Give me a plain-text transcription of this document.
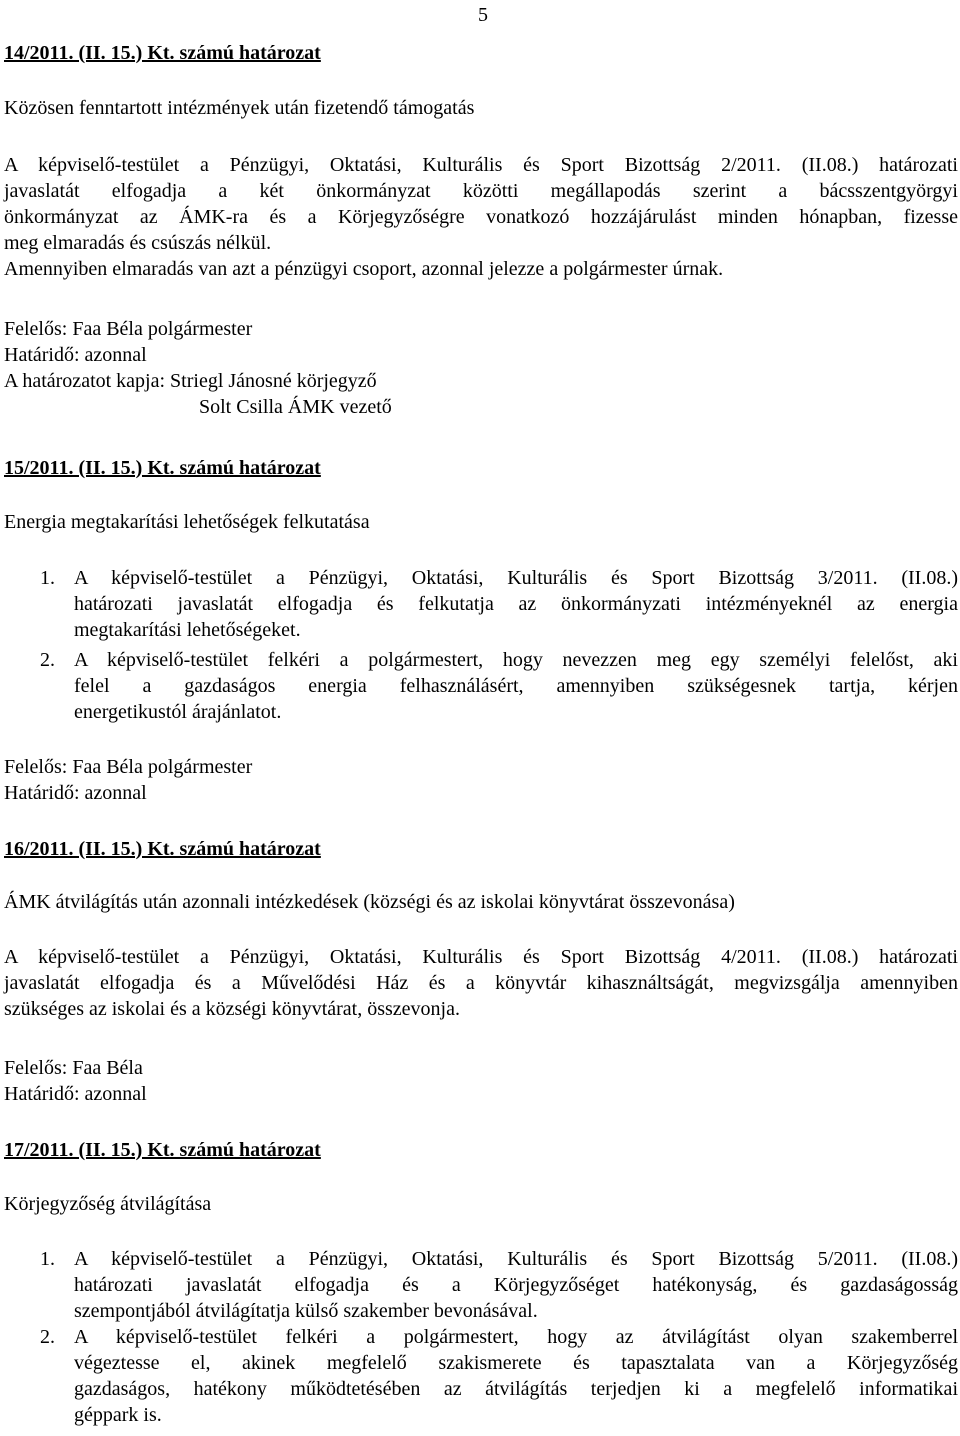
5
14/2011. (II. 15.) Kt. számú határozat
Közösen fenntartott intézmények után fizetendő támogatás
A képviselő-testület a Pénzügyi, Oktatási, Kulturális és Sport Bizottság 2/2011. (II.08.) határozati
javaslatát elfogadja a két önkormányzat közötti megállapodás szerint a bácsszentgyörgyi
önkormányzat az ÁMK-ra és a Körjegyzőségre vonatkozó hozzájárulást minden hónapban, fizesse
meg elmaradás és csúszás nélkül.
Amennyiben elmaradás van azt a pénzügyi csoport, azonnal jelezze a polgármester úrnak.
Felelős: Faa Béla polgármester
Határidő: azonnal
A határozatot kapja: Striegl Jánosné körjegyző
Solt Csilla ÁMK vezető
15/2011. (II. 15.) Kt. számú határozat
Energia megtakarítási lehetőségek felkutatása
1. A képviselő-testület a Pénzügyi, Oktatási, Kulturális és Sport Bizottság 3/2011. (II.08.)
határozati javaslatát elfogadja és felkutatja az önkormányzati intézményeknél az energia
megtakarítási lehetőségeket.
2. A képviselő-testület felkéri a polgármestert, hogy nevezzen meg egy személyi felelőst, aki
felel a gazdaságos energia felhasználásért, amennyiben szükségesnek tartja, kérjen
energetikustól árajánlatot.
Felelős: Faa Béla polgármester
Határidő: azonnal
16/2011. (II. 15.) Kt. számú határozat
ÁMK átvilágítás után azonnali intézkedések (községi és az iskolai könyvtárat összevonása)
A képviselő-testület a Pénzügyi, Oktatási, Kulturális és Sport Bizottság 4/2011. (II.08.) határozati
javaslatát elfogadja és a Művelődési Ház és a könyvtár kihasználtságát, megvizsgálja amennyiben
szükséges az iskolai és a községi könyvtárat, összevonja.
Felelős: Faa Béla
Határidő: azonnal
17/2011. (II. 15.) Kt. számú határozat
Körjegyzőség átvilágítása
1. A képviselő-testület a Pénzügyi, Oktatási, Kulturális és Sport Bizottság 5/2011. (II.08.)
határozati javaslatát elfogadja és a Körjegyzőséget hatékonyság, és gazdaságosság
szempontjából átvilágítatja külső szakember bevonásával.
2. A képviselő-testület felkéri a polgármestert, hogy az átvilágítást olyan szakemberrel
végeztesse el, akinek megfelelő szakismerete és tapasztalata van a Körjegyzőség
gazdaságos, hatékony működtetésében az átvilágítás terjedjen ki a megfelelő informatikai
géppark is.
